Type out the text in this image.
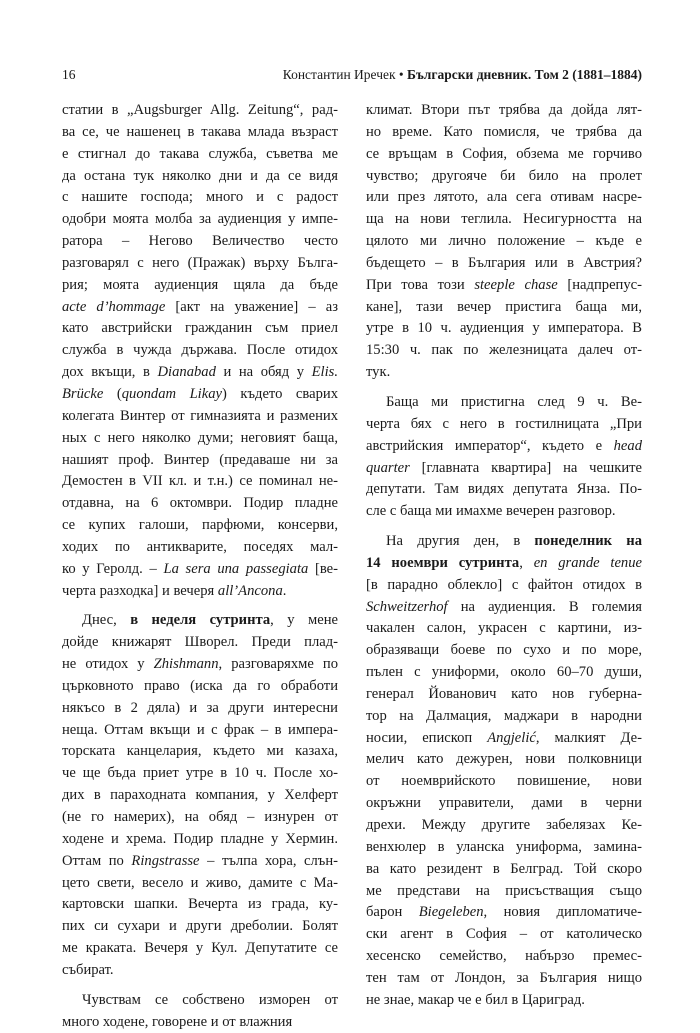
16	Константин Иречек • Български дневник. Том 2 (1881–1884)

статии в „Augsburger Allg. Zeitung“, рад-
ва се, че нашенец в такава млада възраст
е стигнал до такава служба, съветва ме
да остана тук няколко дни и да се видя
с нашите господа; много и с радост
одобри моята молба за аудиенция у импе-
ратора – Негово Величество често
разговарял с него (Пражак) върху Бълга-
рия; моята аудиенция щяла да бъде
acte d’hommage [акт на уважение] – аз
като австрийски гражданин съм приел
служба в чужда държава. После отидох
дох вкъщи, в Dianabad и на обяд у Elis.
Brücke (quondam Likay) където сварих
колегата Винтер от гимназията и размених
ных с него няколко думи; неговият баща,
нашият проф. Винтер (предаваше ни за
Демостен в VII кл. и т.н.) се поминал не-
отдавна, на 6 октомври. Подир пладне
се купих галоши, парфюми, консерви,
ходих по антикварите, поседях мал-
ко у Геролд. – La sera una passegiata [ве-
черта разходка] и вечеря all’Ancona.

Днес, в неделя сутринта, у мене
дойде книжарят Шворел. Преди плад-
не отидох у Zhishmann, разговаряхме по
църковното право (иска да го обработи
някъсо в 2 дяла) и за други интересни
неща. Оттам вкъщи и с фрак – в импера-
торската канцелария, където ми казаха,
че ще бъда приет утре в 10 ч. После хо-
дих в параходната компания, у Хелферт
(не го намерих), на обяд – изнурен от
ходене и хрема. Подир пладне у Хермин.
Оттам по Ringstrasse – тълпа хора, слън-
цето свети, весело и живо, дамите с Ма-
картовски шапки. Вечерта из града, ку-
пих си сухари и други дреболии. Болят
ме краката. Вечеря у Кул. Депутатите се
събират.

Чувствам се собствено изморен от
много ходене, говорене и от влажния

климат. Втори път трябва да дойда лят-
но време. Като помисля, че трябва да
се връщам в София, обзема ме горчиво
чувство; другояче би било на пролет
или през лятото, ала сега отивам насре-
ща на нови теглила. Несигурността на
цялото ми лично положение – къде е
бъдещето – в България или в Австрия?
При това този steeple chase [надпрепус-
кане], тази вечер пристига баща ми,
утре в 10 ч. аудиенция у императора. В
15:30 ч. пак по железницата далеч от-
тук.

Баща ми пристигна след 9 ч. Ве-
черта бях с него в гостилницата „При
австрийския император“, където е head
quarter [главната квартира] на чешките
депутати. Там видях депутата Янза. По-
сле с баща ми имахме вечерен разговор.

На другия ден, в понеделник на
14 ноември сутринта, en grande tenue
[в парадно облекло] с файтон отидох в
Schweitzerhof на аудиенция. В големия
чакален салон, украсен с картини, из-
образяващи боеве по сухо и по море,
пълен с униформи, около 60–70 души,
генерал Йованович като нов губерна-
тор на Далмация, маджари в народни
носии, епископ Angjelić, малкият Де-
мелич като дежурен, нови полковници
от ноемврийското повишение, нови
окръжни управители, дами в черни
дрехи. Между другите забелязах Ке-
венхюлер в уланска униформа, замина-
ва като резидент в Белград. Той скоро
ме представи на присъстващия също
барон Biegeleben, новия дипломатиче-
ски агент в София – от католическо
хесенско семейство, набързо премес-
тен там от Лондон, за България нищо
не знае, макар че е бил в Цариград.
